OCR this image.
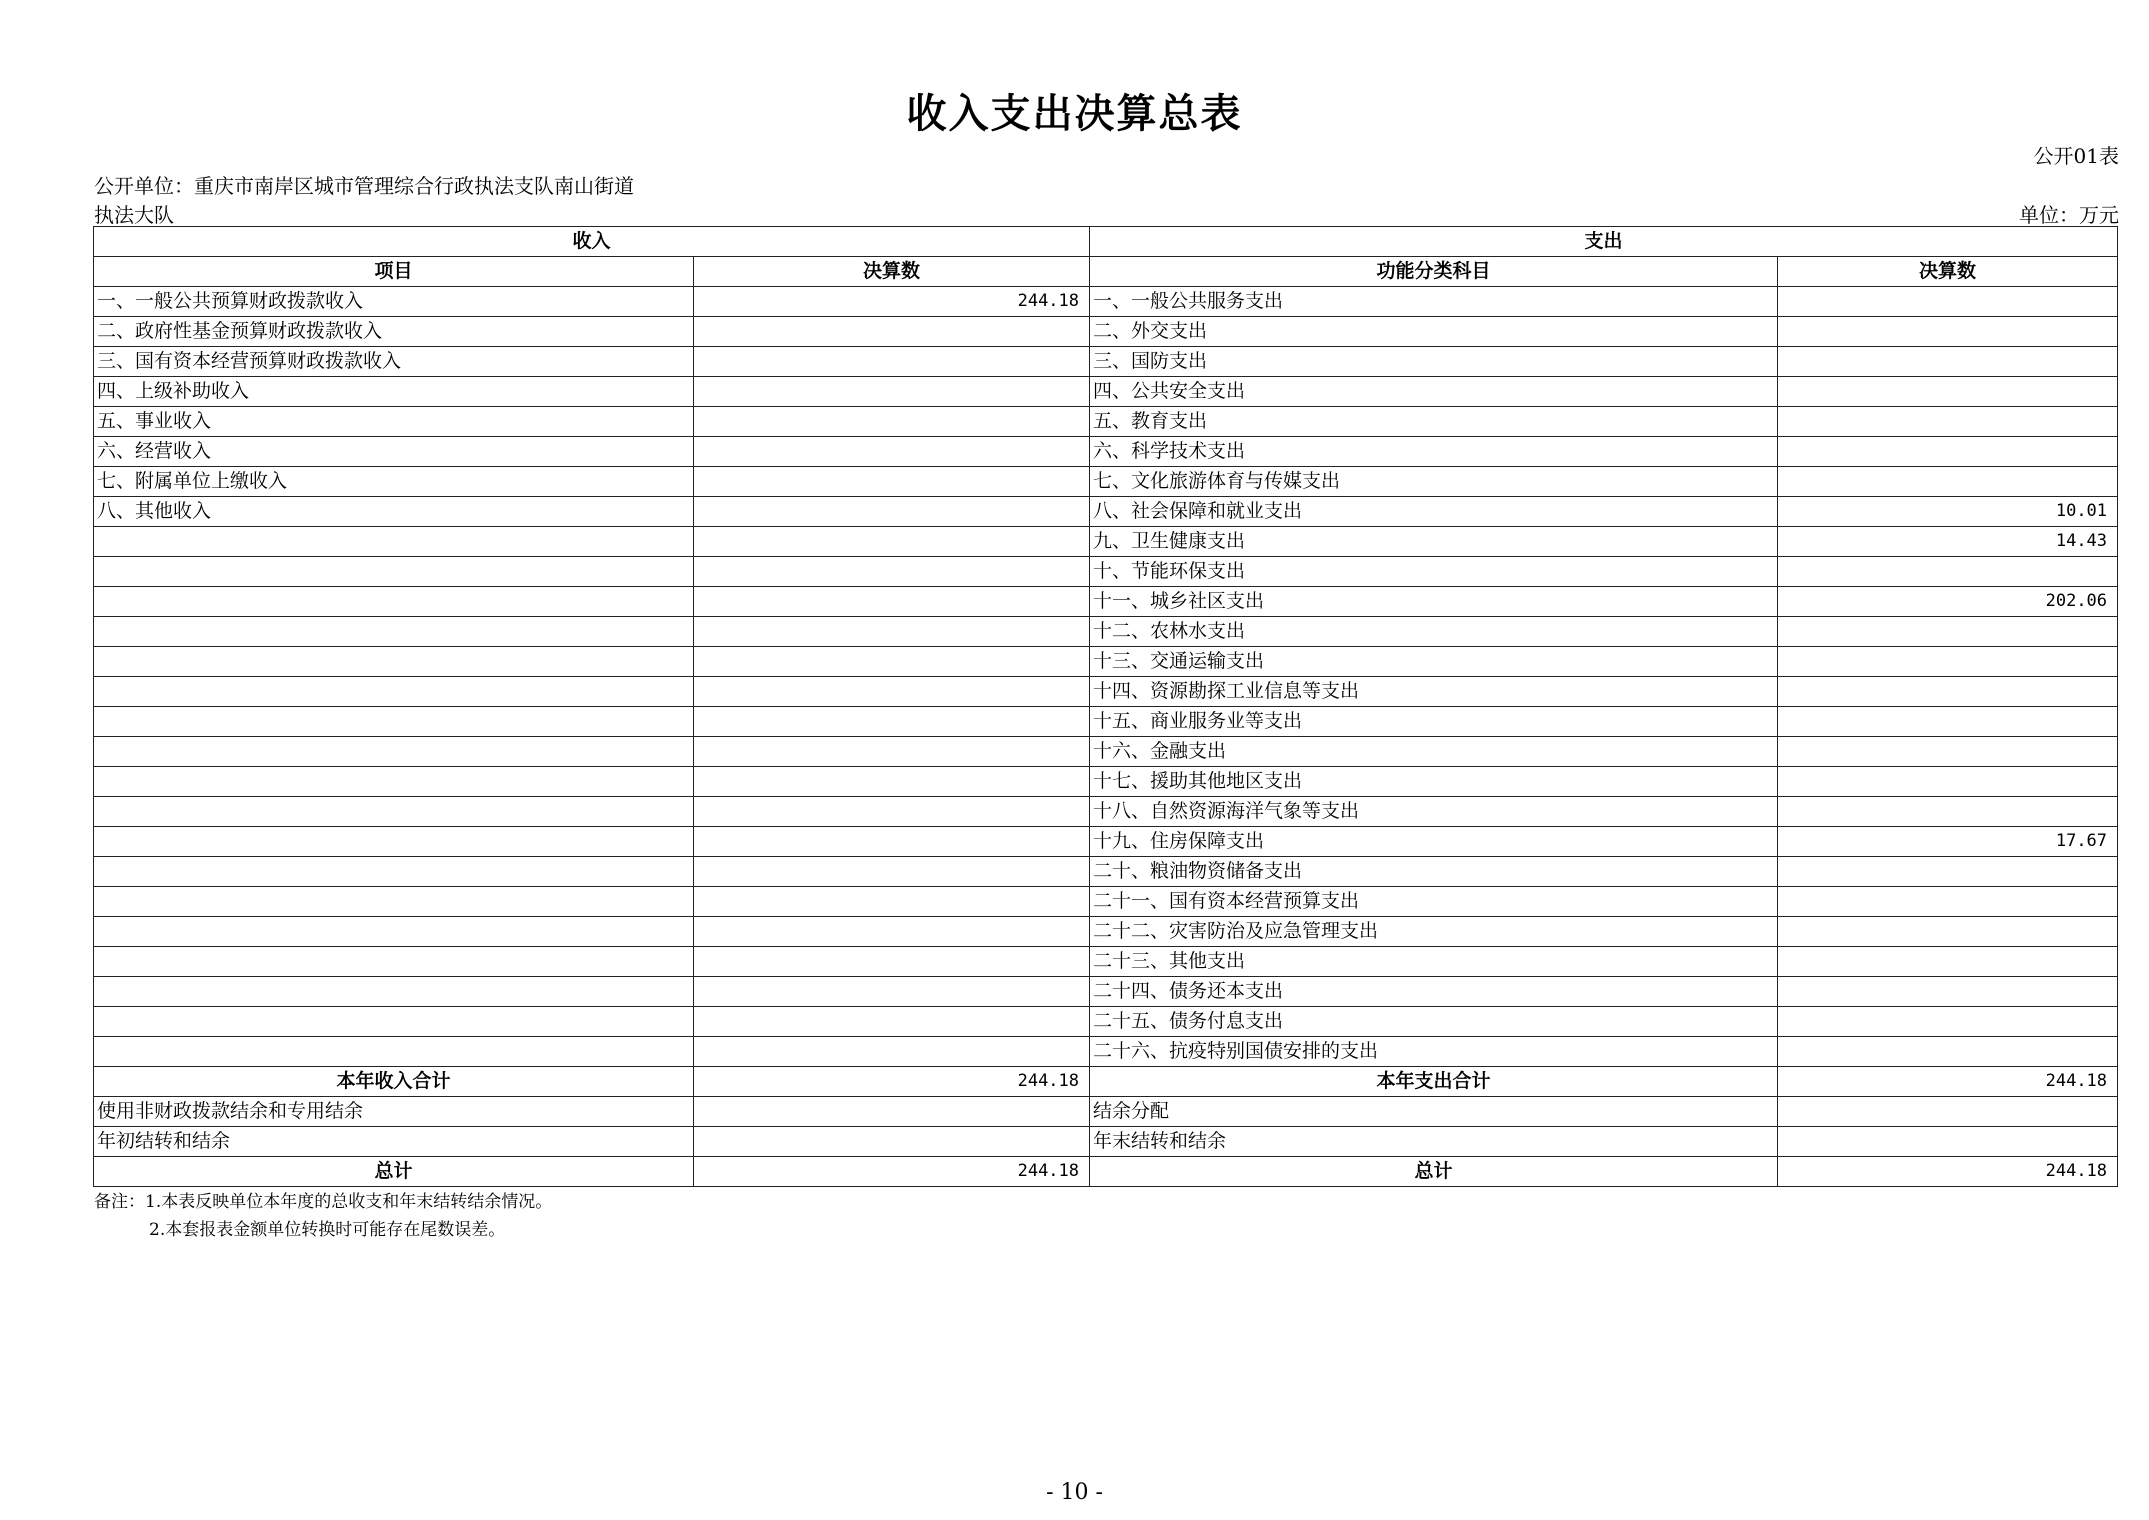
收入支出决算总表
公开01表
公开单位：重庆市南岸区城市管理综合行政执法支队南山街道
执法大队	单位：万元
收入		支出	
项目	决算数	功能分类科目	决算数
一、一般公共预算财政拨款收入	244.18	一、一般公共服务支出	
二、政府性基金预算财政拨款收入		二、外交支出	
三、国有资本经营预算财政拨款收入		三、国防支出	
四、上级补助收入		四、公共安全支出	
五、事业收入		五、教育支出	
六、经营收入		六、科学技术支出	
七、附属单位上缴收入		七、文化旅游体育与传媒支出	
八、其他收入		八、社会保障和就业支出	10.01
		九、卫生健康支出	14.43
		十、节能环保支出	
		十一、城乡社区支出	202.06
		十二、农林水支出	
		十三、交通运输支出	
		十四、资源勘探工业信息等支出	
		十五、商业服务业等支出	
		十六、金融支出	
		十七、援助其他地区支出	
		十八、自然资源海洋气象等支出	
		十九、住房保障支出	17.67
		二十、粮油物资储备支出	
		二十一、国有资本经营预算支出	
		二十二、灾害防治及应急管理支出	
		二十三、其他支出	
		二十四、债务还本支出	
		二十五、债务付息支出	
		二十六、抗疫特别国债安排的支出	
本年收入合计	244.18	本年支出合计	244.18
使用非财政拨款结余和专用结余		结余分配	
年初结转和结余		年末结转和结余	
总计	244.18	总计	244.18
备注：1.本表反映单位本年度的总收支和年末结转结余情况。
2.本套报表金额单位转换时可能存在尾数误差。
- 10 -
